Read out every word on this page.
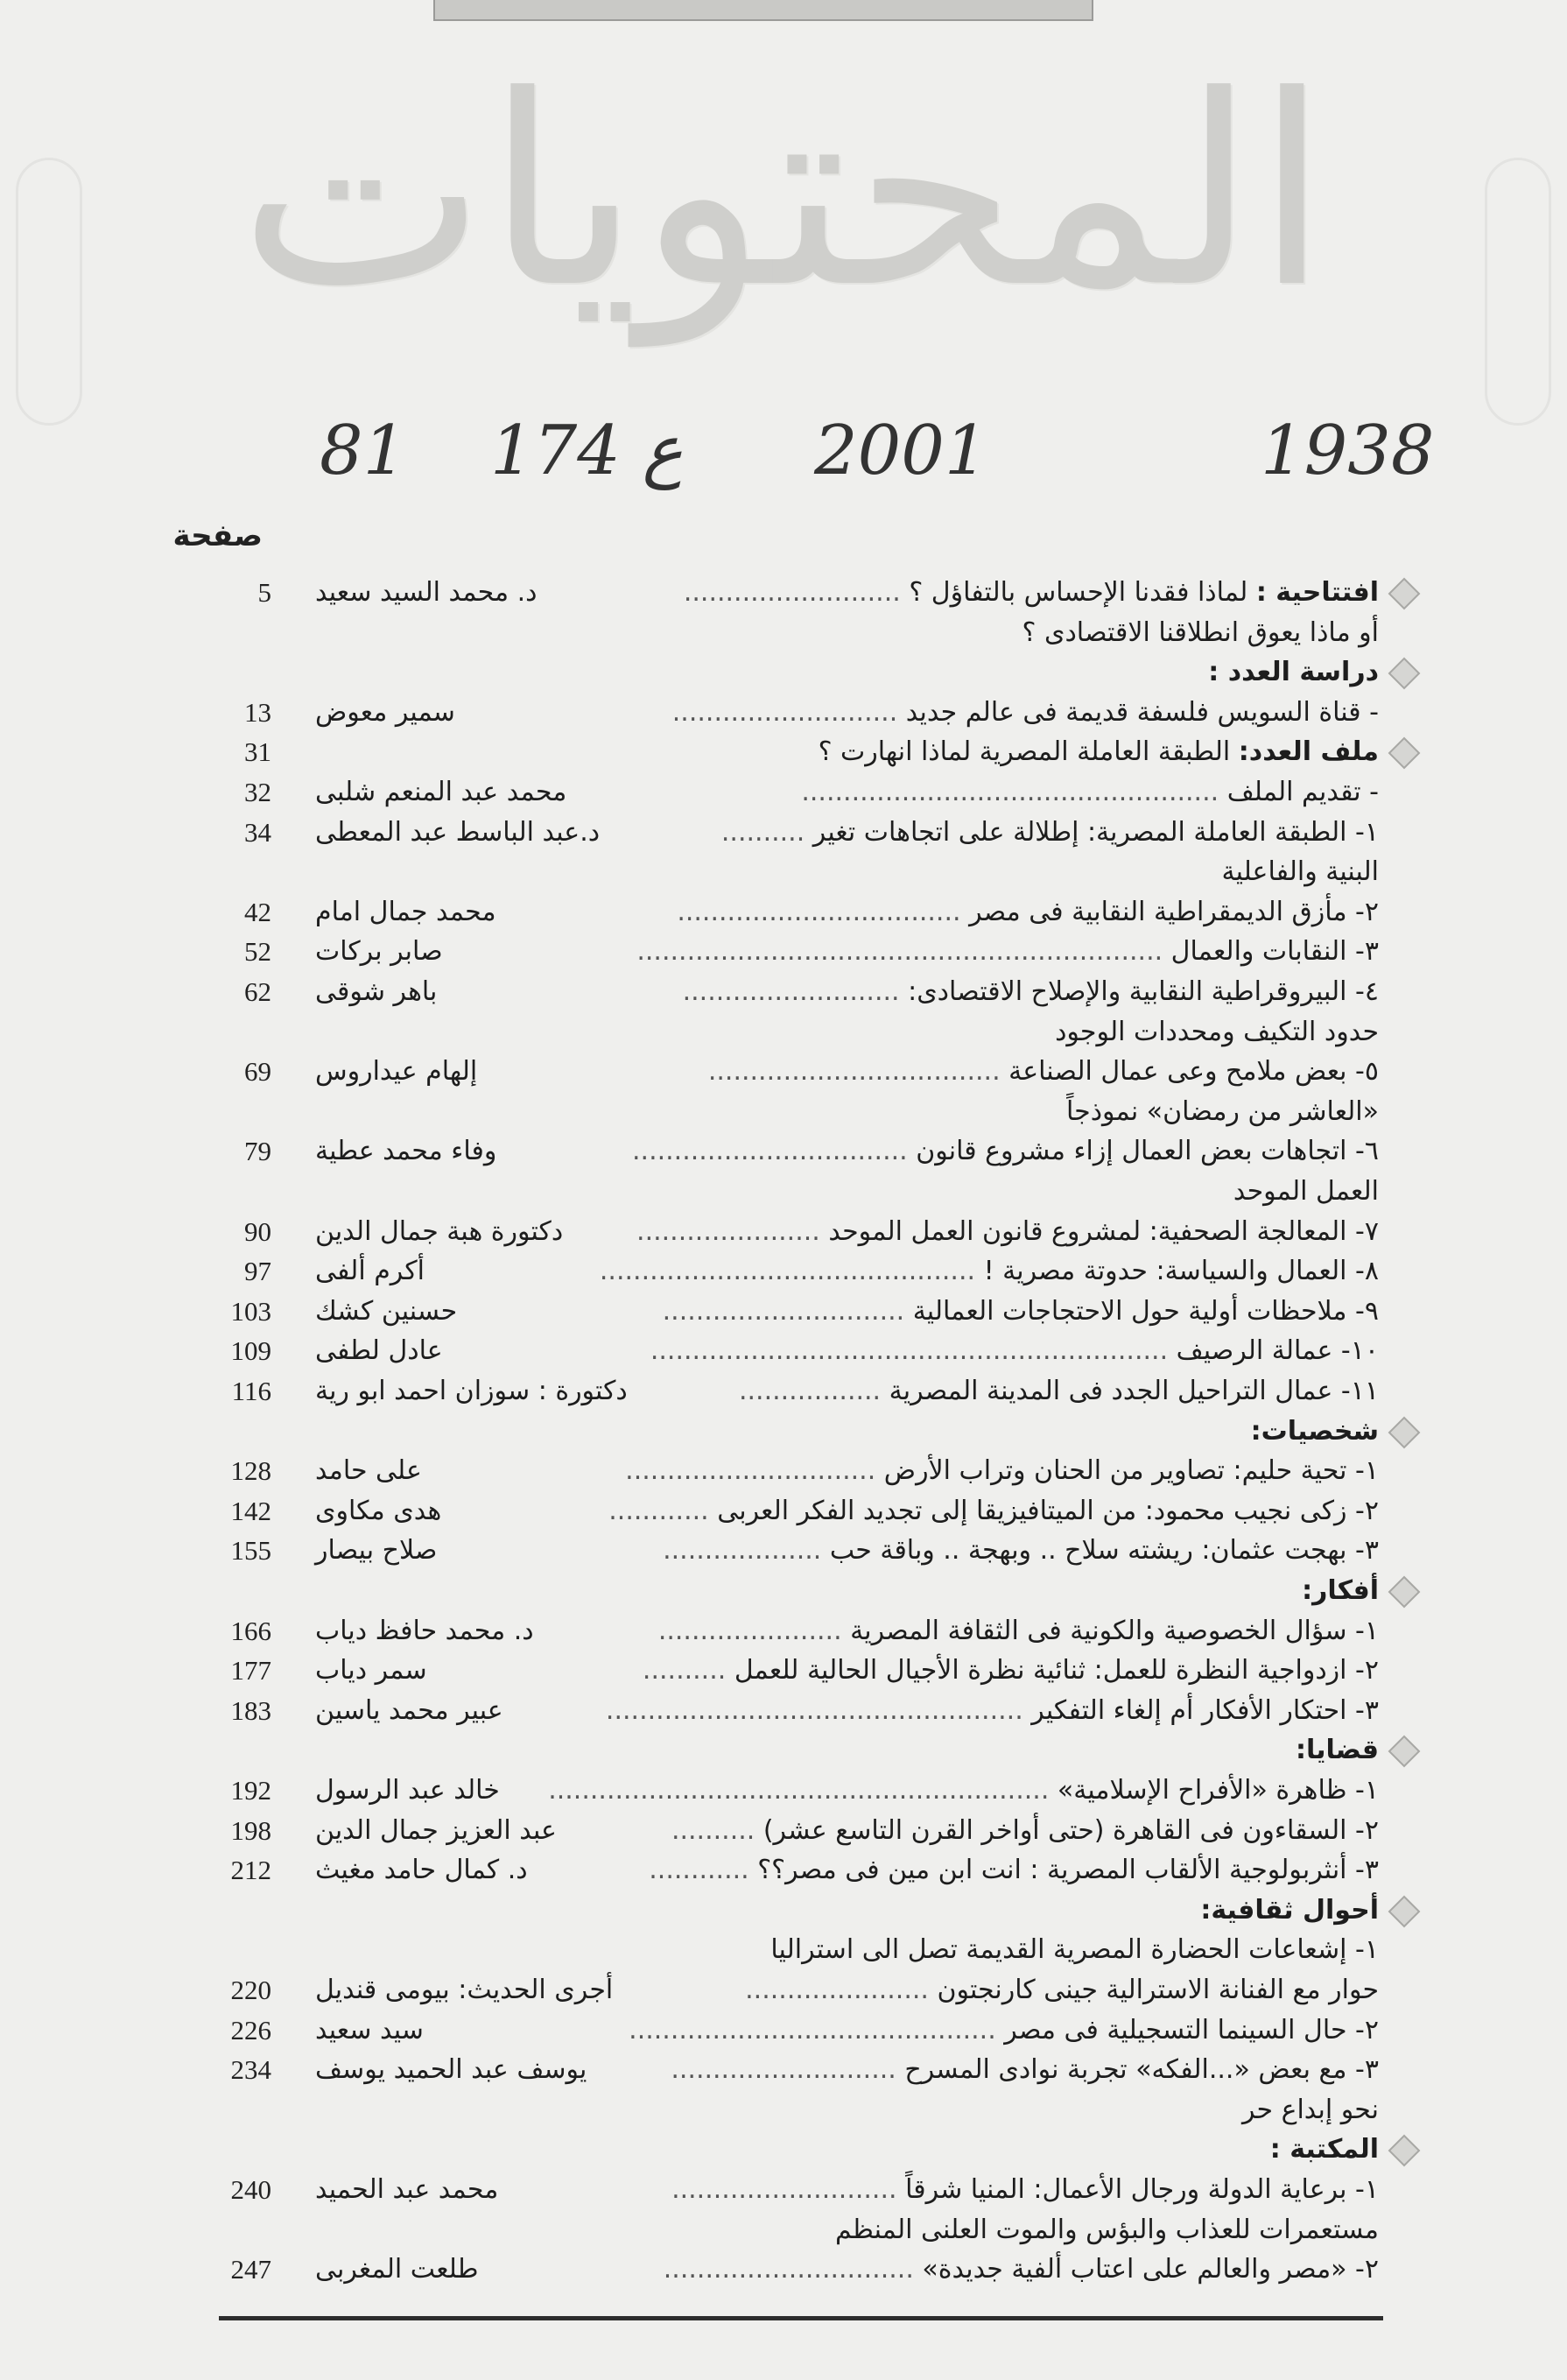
المحتويات
1938
2001
ع 174
81
صفحة
افتتاحية : لماذا فقدنا الإحساس بالتفاؤل ؟ ..........................
د. محمد السيد سعيد
5
أو ماذا يعوق انطلاقنا الاقتصادى ؟
دراسة العدد :
- قناة السويس فلسفة قديمة فى عالم جديد ...........................
سمير معوض
13
ملف العدد: الطبقة العاملة المصرية لماذا انهارت ؟
31
- تقديم الملف ..................................................
محمد عبد المنعم شلبى
32
١- الطبقة العاملة المصرية: إطلالة على اتجاهات تغير ..........
د.عبد الباسط عبد المعطى
34
البنية والفاعلية
٢- مأزق الديمقراطية النقابية فى مصر ..................................
محمد جمال امام
42
٣- النقابات والعمال ...............................................................
صابر بركات
52
٤- البيروقراطية النقابية والإصلاح الاقتصادى: ..........................
باهر شوقى
62
حدود التكيف ومحددات الوجود
٥- بعض ملامح وعى عمال الصناعة ...................................
إلهام عيداروس
69
«العاشر من رمضان» نموذجاً
٦- اتجاهات بعض العمال إزاء مشروع قانون .................................
وفاء محمد عطية
79
العمل الموحد
٧- المعالجة الصحفية: لمشروع قانون العمل الموحد ......................
دكتورة هبة جمال الدين
90
٨- العمال والسياسة: حدوتة مصرية ! .............................................
أكرم ألفى
97
٩- ملاحظات أولية حول الاحتجاجات العمالية .............................
حسنين كشك
103
١٠- عمالة الرصيف ..............................................................
عادل لطفى
109
١١- عمال التراحيل الجدد فى المدينة المصرية .................
دكتورة : سوزان احمد ابو رية
116
شخصيات:
١- تحية حليم: تصاوير من الحنان وتراب الأرض ..............................
على حامد
128
٢- زكى نجيب محمود: من الميتافيزيقا إلى تجديد الفكر العربى ............
هدى مكاوى
142
٣- بهجت عثمان: ريشته سلاح .. وبهجة .. وباقة حب ...................
صلاح بيصار
155
أفكار:
١- سؤال الخصوصية والكونية فى الثقافة المصرية ......................
د. محمد حافظ دياب
166
٢- ازدواجية النظرة للعمل: ثنائية نظرة الأجيال الحالية للعمل ..........
سمر دياب
177
٣- احتكار الأفكار أم إلغاء التفكير ..................................................
عبير محمد ياسين
183
قضايا:
١- ظاهرة «الأفراح الإسلامية» ............................................................
خالد عبد الرسول
192
٢- السقاءون فى القاهرة (حتى أواخر القرن التاسع عشر) ..........
عبد العزيز جمال الدين
198
٣- أنثربولوجية الألقاب المصرية : انت ابن مين فى مصر؟؟ ............
د. كمال حامد مغيث
212
أحوال ثقافية:
١- إشعاعات الحضارة المصرية القديمة تصل الى استراليا
حوار مع الفنانة الاسترالية جينى كارنجتون ......................
أجرى الحديث: بيومى قنديل
220
٢- حال السينما التسجيلية فى مصر ............................................
سيد سعيد
226
٣- مع بعض «...الفكه» تجربة نوادى المسرح ...........................
يوسف عبد الحميد يوسف
234
نحو إبداع حر
المكتبة :
١- برعاية الدولة ورجال الأعمال: المنيا شرقاً ...........................
محمد عبد الحميد
240
مستعمرات للعذاب والبؤس والموت العلنى المنظم
٢- «مصر والعالم على اعتاب ألفية جديدة» ..............................
طلعت المغربى
247
